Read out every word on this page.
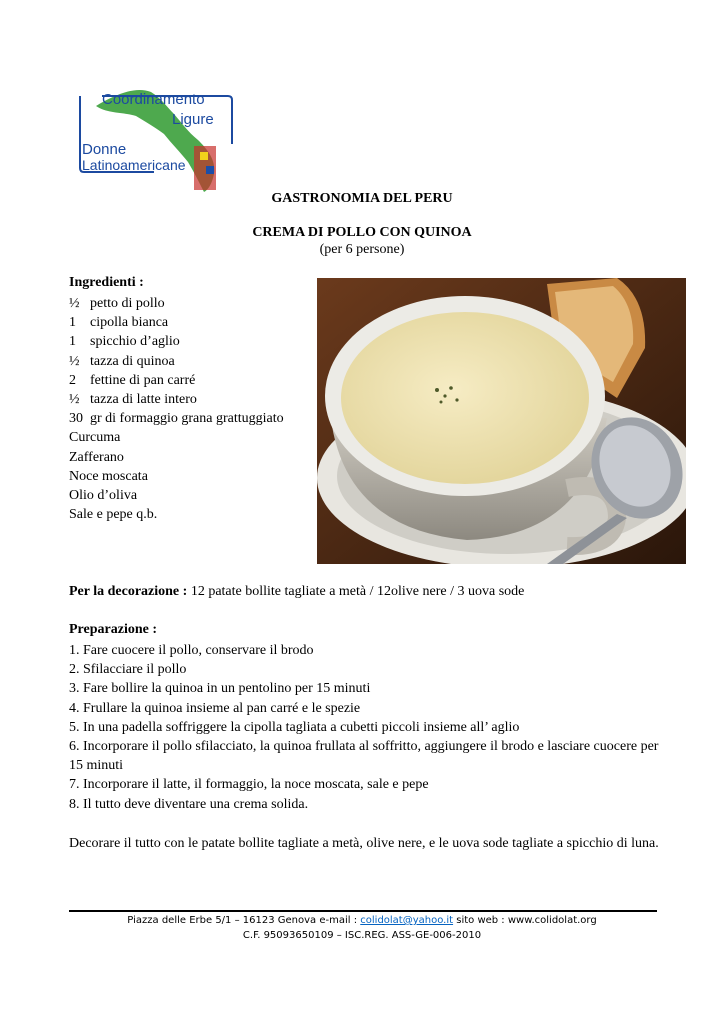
Coordinamento
Ligure
Donne
Latinoamericane
GASTRONOMIA DEL PERU
CREMA DI POLLO CON QUINOA
(per 6 persone)
Ingredienti :
½ petto di pollo
1 cipolla bianca
1 spicchio d’aglio
½ tazza di quinoa
2 fettine di pan carré
½ tazza di latte intero
30 gr di formaggio grana grattuggiato
Curcuma
Zafferano
Noce moscata
Olio d’oliva
Sale e pepe q.b.
Per la decorazione : 12 patate bollite tagliate a metà / 12olive nere / 3 uova sode
Preparazione :
1. Fare cuocere il pollo, conservare il brodo
2. Sfilacciare il pollo
3. Fare bollire la quinoa in un pentolino per 15 minuti
4. Frullare la quinoa insieme al pan carré e le spezie
5. In una padella soffriggere la cipolla tagliata a cubetti piccoli insieme all’ aglio
6. Incorporare il pollo sfilacciato, la quinoa frullata al soffritto, aggiungere il brodo e lasciare cuocere per 15 minuti
7. Incorporare il latte, il formaggio, la noce moscata, sale e pepe
8. Il tutto deve diventare una crema solida.
Decorare il tutto con le patate bollite tagliate a metà, olive nere, e le uova sode tagliate a spicchio di luna.
Piazza delle Erbe 5/1 – 16123 Genova e-mail : colidolat@yahoo.it sito web : www.colidolat.org
C.F. 95093650109 – ISC.REG. ASS-GE-006-2010
